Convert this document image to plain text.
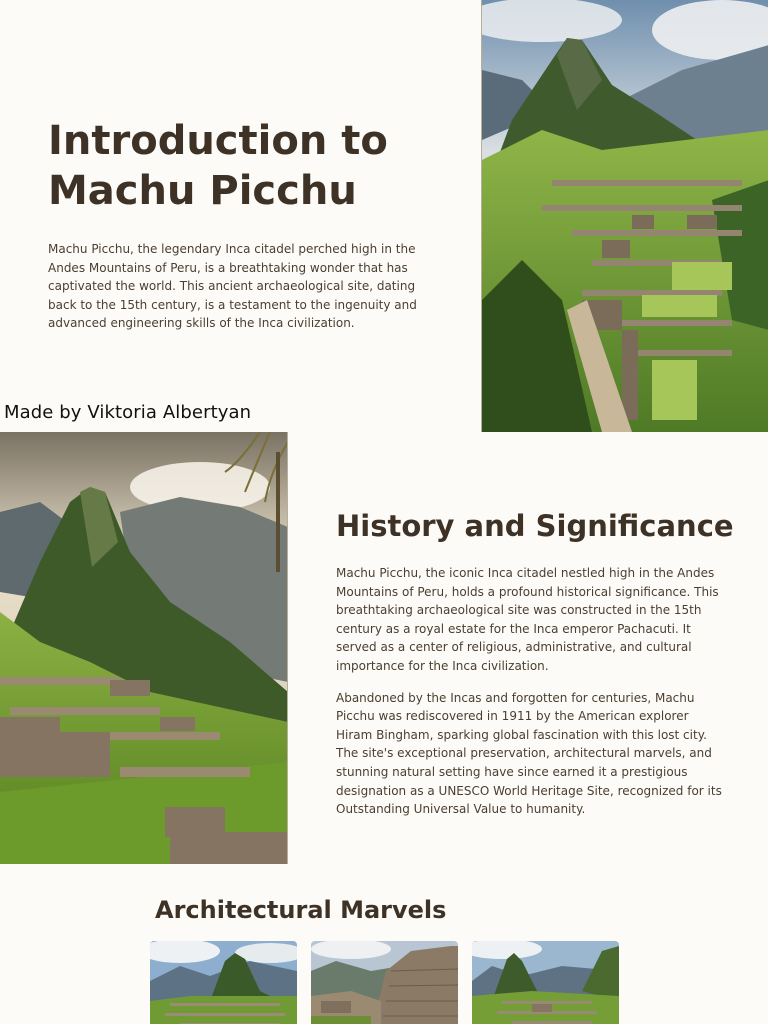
Introduction to Machu Picchu

Machu Picchu, the legendary Inca citadel perched high in the Andes Mountains of Peru, is a breathtaking wonder that has captivated the world. This ancient archaeological site, dating back to the 15th century, is a testament to the ingenuity and advanced engineering skills of the Inca civilization.

Made by Viktoria Albertyan
History and Significance

Machu Picchu, the iconic Inca citadel nestled high in the Andes Mountains of Peru, holds a profound historical significance. This breathtaking archaeological site was constructed in the 15th century as a royal estate for the Inca emperor Pachacuti. It served as a center of religious, administrative, and cultural importance for the Inca civilization.

Abandoned by the Incas and forgotten for centuries, Machu Picchu was rediscovered in 1911 by the American explorer Hiram Bingham, sparking global fascination with this lost city. The site's exceptional preservation, architectural marvels, and stunning natural setting have since earned it a prestigious designation as a UNESCO World Heritage Site, recognized for its Outstanding Universal Value to humanity.

Architectural Marvels
